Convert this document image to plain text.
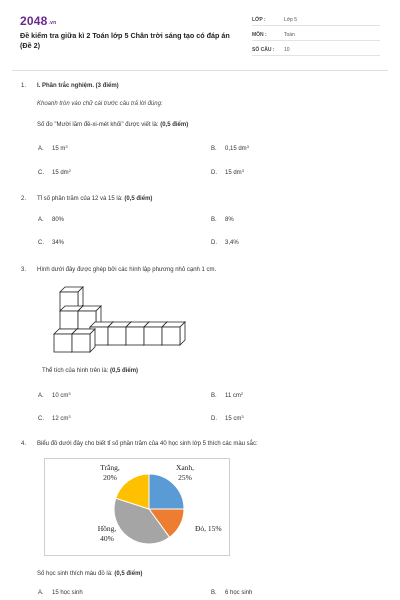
2048.vn
Đề kiểm tra giữa kì 2 Toán lớp 5 Chân trời sáng tạo có đáp án (Đề 2)
LỚP :	Lớp 5
MÔN :	Toán
SỐ CÂU : 10
1. I. Phần trắc nghiệm. (3 điểm)
Khoanh tròn vào chữ cái trước câu trả lời đúng:
Số đo "Mười lăm đề-xi-mét khối" được viết là: (0,5 điểm)
A. 15 $m^3$	B. 0,15 $dm^3$
C. 15 $dm^2$	D. 15 $dm^3$
2. Tỉ số phần trăm của 12 và 15 là: (0,5 điểm)
A. 80%	B. 8%
C. 34%	D. 3,4%
3. Hình dưới đây được ghép bởi các hình lập phương nhỏ cạnh 1 cm.
Thể tích của hình trên là: (0,5 điểm)
A. 10 $cm^3$	B. 11 $cm^2$
C. 12 $cm^3$	D. 15 $cm^3$
4. Biểu đồ dưới đây cho biết tỉ số phần trăm của 40 học sinh lớp 5 thích các màu sắc:
Xanh, 25%
Đỏ, 15%
Hồng, 40%
Trắng, 20%
Số học sinh thích màu đỏ là: (0,5 điểm)
A. 15 học sinh	B. 6 học sinh
